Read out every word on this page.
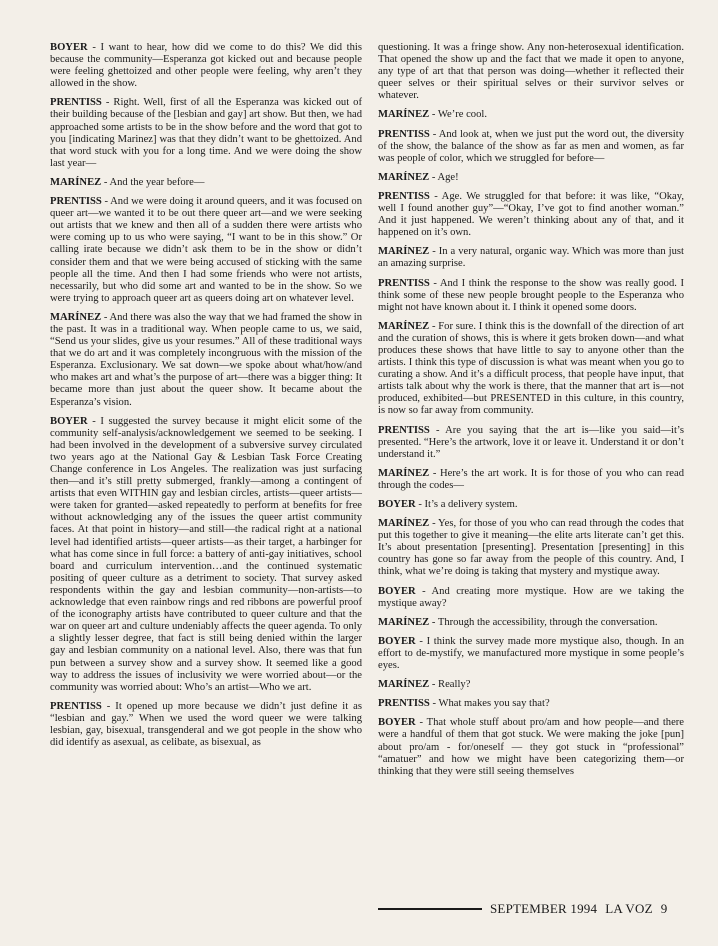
BOYER - I want to hear, how did we come to do this? We did this because the community—Esperanza got kicked out and because people were feeling ghettoized and other people were feeling, why aren’t they allowed in the show.

PRENTISS - Right. Well, first of all the Esperanza was kicked out of their building because of the [lesbian and gay] art show. But then, we had approached some artists to be in the show before and the word that got to you [indicating Marinez] was that they didn’t want to be ghettoized. And that word stuck with you for a long time. And we were doing the show last year—

MARÍNEZ - And the year before—

PRENTISS - And we were doing it around queers, and it was focused on queer art—we wanted it to be out there queer art—and we were seeking out artists that we knew and then all of a sudden there were artists who were coming up to us who were saying, “I want to be in this show.” Or calling irate because we didn’t ask them to be in the show or didn’t consider them and that we were being accused of sticking with the same people all the time. And then I had some friends who were not artists, necessarily, but who did some art and wanted to be in the show. So we were trying to approach queer art as queers doing art on whatever level.

MARÍNEZ - And there was also the way that we had framed the show in the past. It was in a traditional way. When people came to us, we said, “Send us your slides, give us your resumes.” All of these traditional ways that we do art and it was completely incongruous with the mission of the Esperanza. Exclusionary. We sat down—we spoke about what/how/and who makes art and what’s the purpose of art—there was a bigger thing: It became more than just about the queer show. It became about the Esperanza’s vision.

BOYER - I suggested the survey because it might elicit some of the community self-analysis/acknowledgement we seemed to be seeking. I had been involved in the development of a subversive survey circulated two years ago at the National Gay & Lesbian Task Force Creating Change conference in Los Angeles. The realization was just surfacing then—and it’s still pretty submerged, frankly—among a contingent of artists that even WITHIN gay and lesbian circles, artists—queer artists—were taken for granted—asked repeatedly to perform at benefits for free without acknowledging any of the issues the queer artist community faces. At that point in history—and still—the radical right at a national level had identified artists—queer artists—as their target, a harbinger for what has come since in full force: a battery of anti-gay initiatives, school board and curriculum intervention…and the continued systematic positing of queer culture as a detriment to society. That survey asked respondents within the gay and lesbian community—non-artists—to acknowledge that even rainbow rings and red ribbons are powerful proof of the iconography artists have contributed to queer culture and that the war on queer art and culture undeniably affects the queer agenda. To only a slightly lesser degree, that fact is still being denied within the larger gay and lesbian community on a national level. Also, there was that fun pun between a survey show and a survey show. It seemed like a good way to address the issues of inclusivity we were worried about—or the community was worried about: Who’s an artist—Who we art.

PRENTISS - It opened up more because we didn’t just define it as “lesbian and gay.” When we used the word queer we were talking lesbian, gay, bisexual, transgenderal and we got people in the show who did identify as asexual, as celibate, as bisexual, as

questioning. It was a fringe show. Any non-heterosexual identification. That opened the show up and the fact that we made it open to anyone, any type of art that that person was doing—whether it reflected their queer selves or their spiritual selves or their survivor selves or whatever.

MARÍNEZ - We’re cool.

PRENTISS - And look at, when we just put the word out, the diversity of the show, the balance of the show as far as men and women, as far was people of color, which we struggled for before—

MARÍNEZ - Age!

PRENTISS - Age. We struggled for that before: it was like, “Okay, well I found another guy”—“Okay, I’ve got to find another woman.” And it just happened. We weren’t thinking about any of that, and it happened on it’s own.

MARÍNEZ - In a very natural, organic way. Which was more than just an amazing surprise.

PRENTISS - And I think the response to the show was really good. I think some of these new people brought people to the Esperanza who might not have known about it. I think it opened some doors.

MARÍNEZ - For sure. I think this is the downfall of the direction of art and the curation of shows, this is where it gets broken down—and what produces these shows that have little to say to anyone other than the artists. I think this type of discussion is what was meant when you go to curating a show. And it’s a difficult process, that people have input, that artists talk about why the work is there, that the manner that art is—not produced, exhibited—but PRESENTED in this culture, in this country, is now so far away from community.

PRENTISS - Are you saying that the art is—like you said—it’s presented. “Here’s the artwork, love it or leave it. Understand it or don’t understand it.”

MARÍNEZ - Here’s the art work. It is for those of you who can read through the codes—

BOYER - It’s a delivery system.

MARÍNEZ - Yes, for those of you who can read through the codes that put this together to give it meaning—the elite arts literate can’t get this. It’s about presentation [presenting]. Presentation [presenting] in this country has gone so far away from the people of this country. And, I think, what we’re doing is taking that mystery and mystique away.

BOYER - And creating more mystique. How are we taking the mystique away?

MARÍNEZ - Through the accessibility, through the conversation.

BOYER - I think the survey made more mystique also, though. In an effort to de-mystify, we manufactured more mystique in some people’s eyes.

MARÍNEZ - Really?

PRENTISS - What makes you say that?

BOYER - That whole stuff about pro/am and how people—and there were a handful of them that got stuck. We were making the joke [pun] about pro/am - for/oneself — they got stuck in “professional” “amatuer” and how we might have been categorizing them—or thinking that they were still seeing themselves

SEPTEMBER 1994 LA VOZ 9
